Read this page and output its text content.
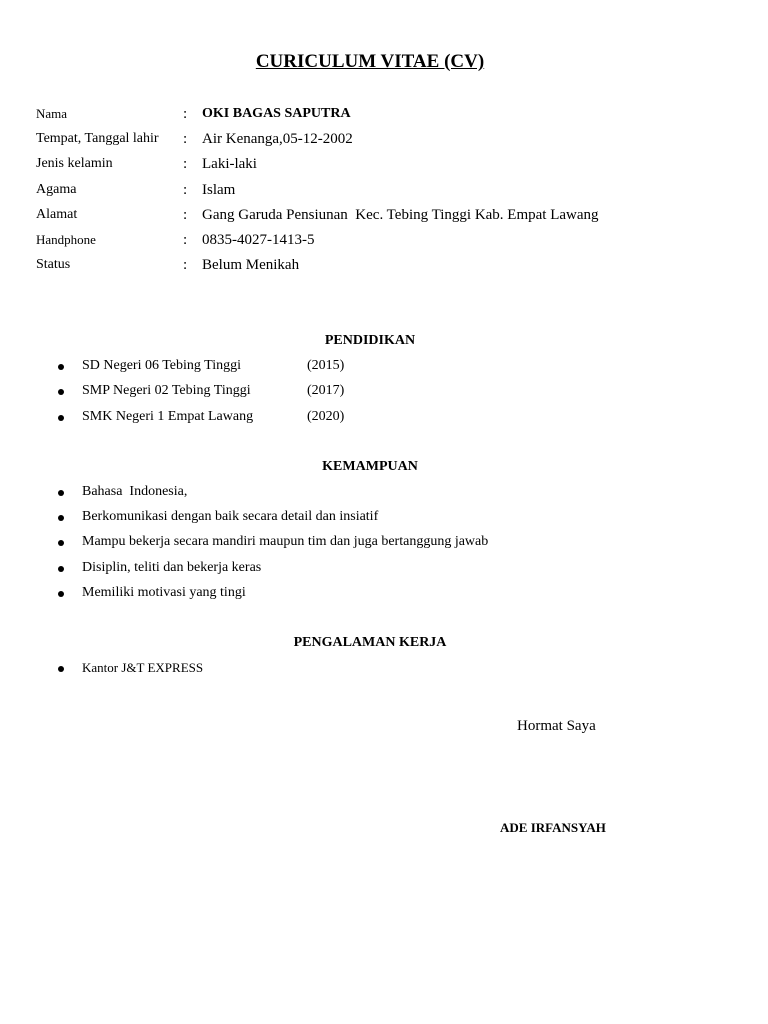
CURICULUM VITAE (CV)
Nama	: OKI BAGAS SAPUTRA
Tempat, Tanggal lahir : Air Kenanga,05-12-2002
Jenis kelamin	: Laki-laki
Agama	: Islam
Alamat	: Gang Garuda Pensiunan  Kec. Tebing Tinggi Kab. Empat Lawang
Handphone	: 0835-4027-1413-5
Status	: Belum Menikah
PENDIDIKAN
SD Negeri 06 Tebing Tinggi	(2015)
SMP Negeri 02 Tebing Tinggi	(2017)
SMK Negeri 1 Empat Lawang	(2020)
KEMAMPUAN
Bahasa  Indonesia,
Berkomunikasi dengan baik secara detail dan insiatif
Mampu bekerja secara mandiri maupun tim dan juga bertanggung jawab
Disiplin, teliti dan bekerja keras
Memiliki motivasi yang tingi
PENGALAMAN KERJA
Kantor J&T EXPRESS
Hormat Saya
ADE IRFANSYAH
